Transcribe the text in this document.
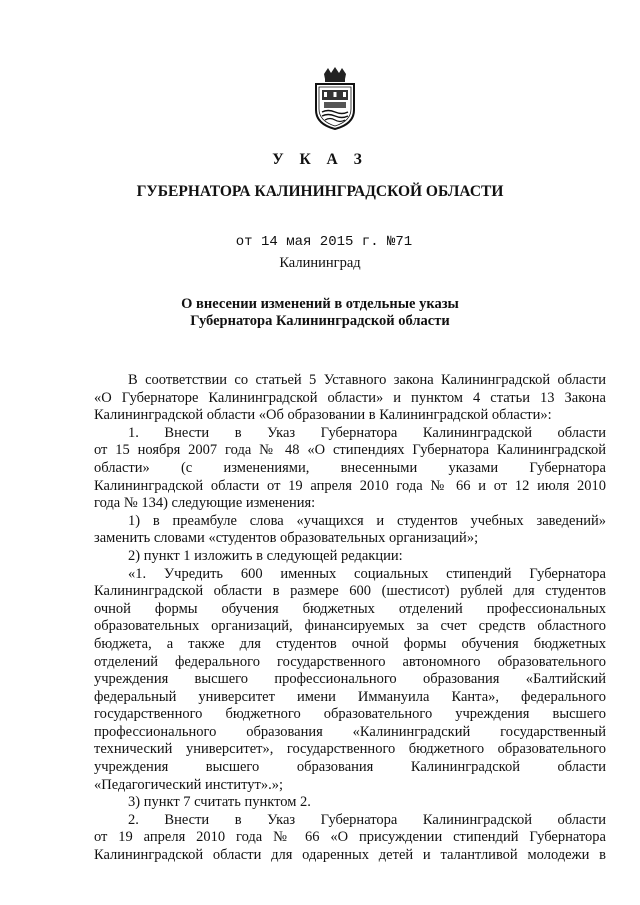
У К А З
ГУБЕРНАТОРА КАЛИНИНГРАДСКОЙ ОБЛАСТИ
от 14 мая 2015 г. №71
Калининград
О внесении изменений в отдельные указы
Губернатора Калининградской области

В соответствии со статьей 5 Уставного закона Калининградской области

«О Губернаторе Калининградской области» и пунктом 4 статьи 13 Закона

Калининградской области «Об образовании в Калининградской области»:

1. Внести в Указ Губернатора Калининградской области

от 15 ноября 2007 года № 48 «О стипендиях Губернатора Калининградской

области» (с изменениями, внесенными указами Губернатора

Калининградской области от 19 апреля 2010 года № 66 и от 12 июля 2010

года № 134) следующие изменения:

1) в преамбуле слова «учащихся и студентов учебных заведений»

заменить словами «студентов образовательных организаций»;

2) пункт 1 изложить в следующей редакции:

«1. Учредить 600 именных социальных стипендий Губернатора

Калининградской области в размере 600 (шестисот) рублей для студентов

очной формы обучения бюджетных отделений профессиональных

образовательных организаций, финансируемых за счет средств областного

бюджета, а также для студентов очной формы обучения бюджетных

отделений федерального государственного автономного образовательного

учреждения высшего профессионального образования «Балтийский

федеральный университет имени Иммануила Канта», федерального

государственного бюджетного образовательного учреждения высшего

профессионального образования «Калининградский государственный

технический университет», государственного бюджетного образовательного

учреждения высшего образования Калининградской области

«Педагогический институт».»;

3) пункт 7 считать пунктом 2.

2. Внести в Указ Губернатора Калининградской области

от 19 апреля 2010 года № 66 «О присуждении стипендий Губернатора

Калининградской области для одаренных детей и талантливой молодежи в
